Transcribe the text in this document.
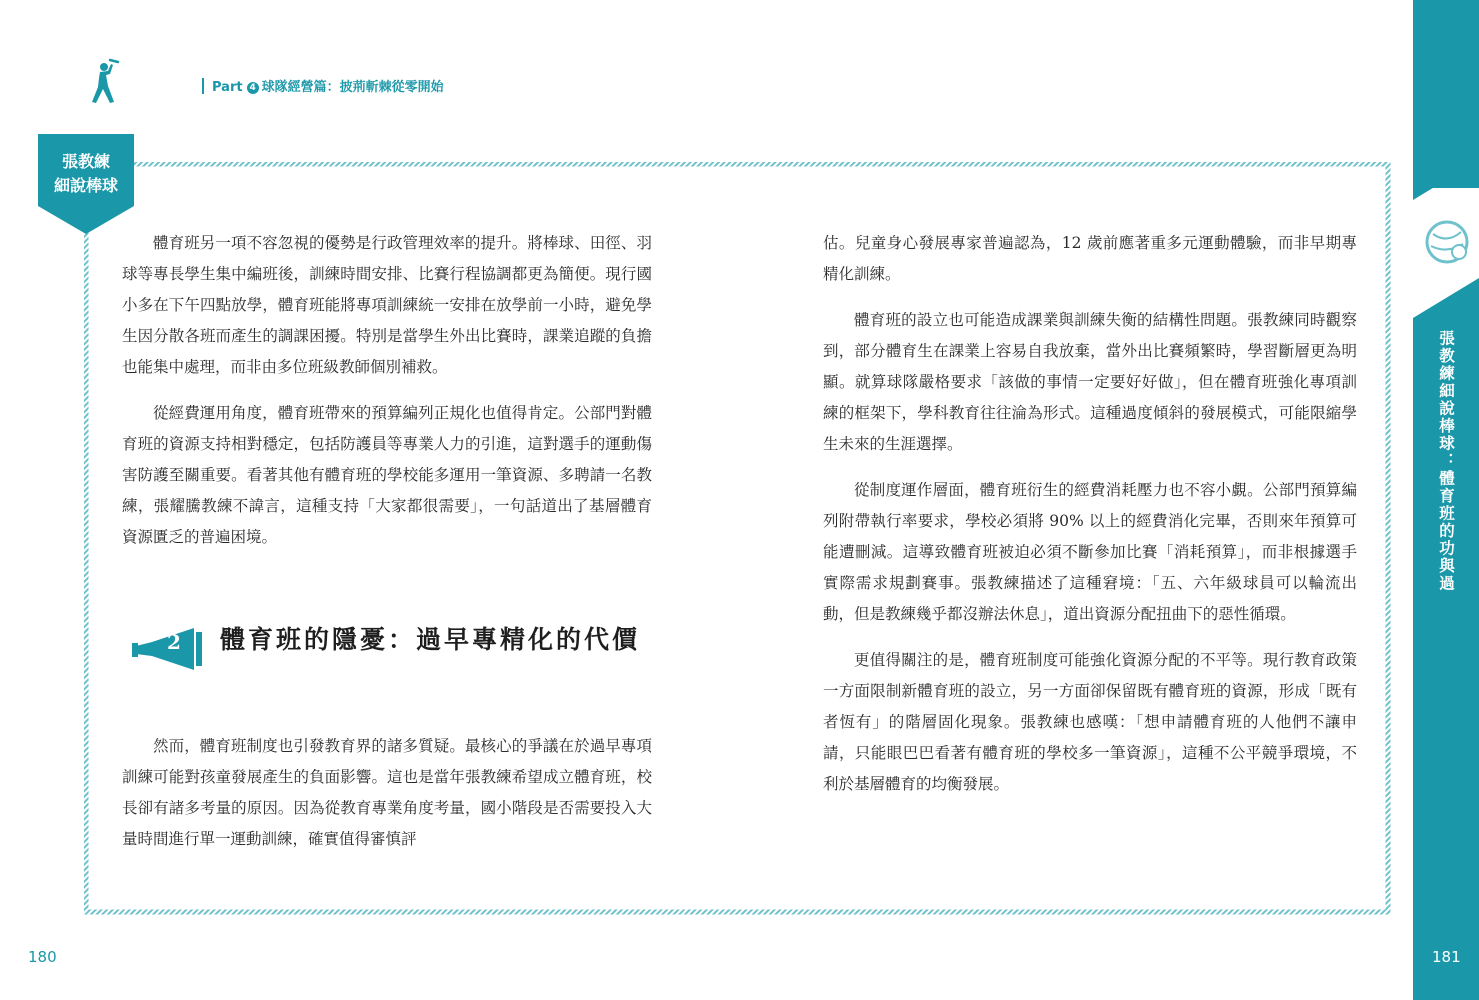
Part 4 球隊經營篇：披荊斬棘從零開始
張教練
細說棒球

體育班另一項不容忽視的優勢是行政管理效率的提升。將棒球、田徑、羽球等專長學生集中編班後，訓練時間安排、比賽行程協調都更為簡便。現行國小多在下午四點放學，體育班能將專項訓練統一安排在放學前一小時，避免學生因分散各班而產生的調課困擾。特別是當學生外出比賽時，課業追蹤的負擔也能集中處理，而非由多位班級教師個別補救。

從經費運用角度，體育班帶來的預算編列正規化也值得肯定。公部門對體育班的資源支持相對穩定，包括防護員等專業人力的引進，這對選手的運動傷害防護至關重要。看著其他有體育班的學校能多運用一筆資源、多聘請一名教練，張耀騰教練不諱言，這種支持「大家都很需要」，一句話道出了基層體育資源匱乏的普遍困境。

2	體育班的隱憂：過早專精化的代價

然而，體育班制度也引發教育界的諸多質疑。最核心的爭議在於過早專項訓練可能對孩童發展產生的負面影響。這也是當年張教練希望成立體育班，校長卻有諸多考量的原因。因為從教育專業角度考量，國小階段是否需要投入大量時間進行單一運動訓練，確實值得審慎評

估。兒童身心發展專家普遍認為，12 歲前應著重多元運動體驗，而非早期專精化訓練。

體育班的設立也可能造成課業與訓練失衡的結構性問題。張教練同時觀察到，部分體育生在課業上容易自我放棄，當外出比賽頻繁時，學習斷層更為明顯。就算球隊嚴格要求「該做的事情一定要好好做」，但在體育班強化專項訓練的框架下，學科教育往往淪為形式。這種過度傾斜的發展模式，可能限縮學生未來的生涯選擇。

從制度運作層面，體育班衍生的經費消耗壓力也不容小覷。公部門預算編列附帶執行率要求，學校必須將 90% 以上的經費消化完畢，否則來年預算可能遭刪減。這導致體育班被迫必須不斷參加比賽「消耗預算」，而非根據選手實際需求規劃賽事。張教練描述了這種窘境：「五、六年級球員可以輪流出動，但是教練幾乎都沒辦法休息」，道出資源分配扭曲下的惡性循環。

更值得關注的是，體育班制度可能強化資源分配的不平等。現行教育政策一方面限制新體育班的設立，另一方面卻保留既有體育班的資源，形成「既有者恆有」的階層固化現象。張教練也感嘆：「想申請體育班的人他們不讓申請，只能眼巴巴看著有體育班的學校多一筆資源」，這種不公平競爭環境，不利於基層體育的均衡發展。

180
張教練細說棒球：體育班的功與過
181
